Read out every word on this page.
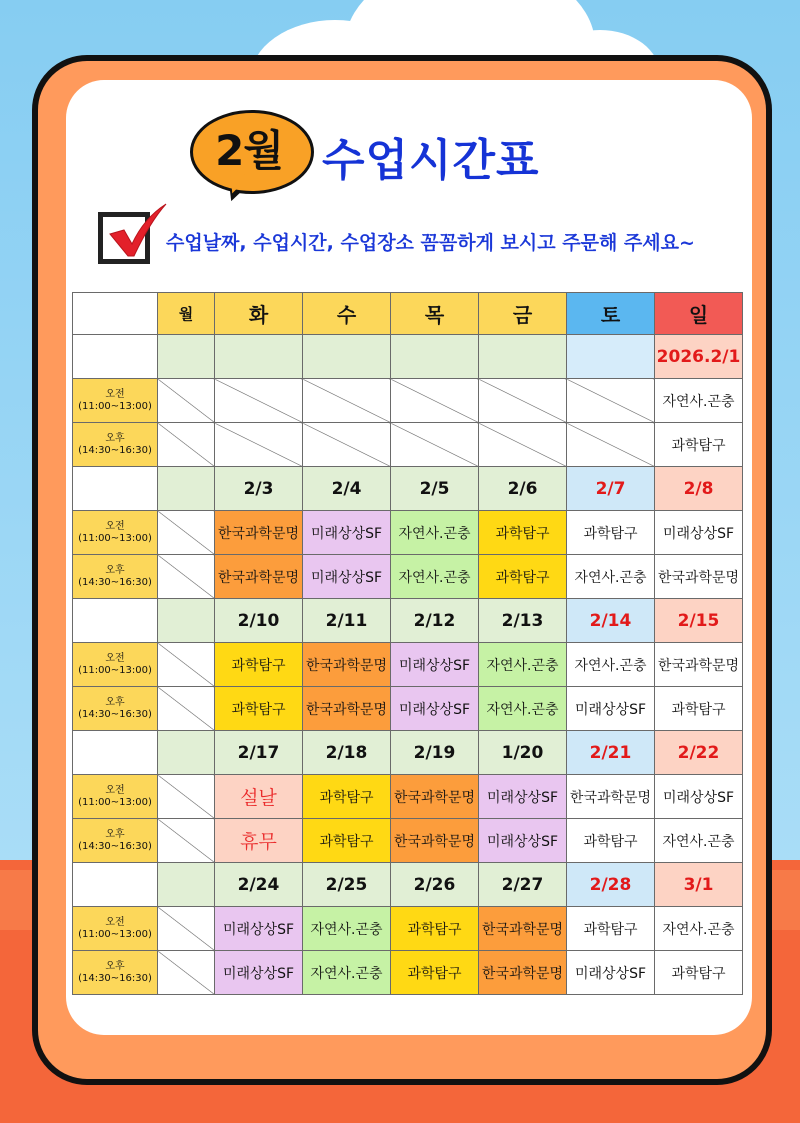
2월 수업시간표
수업날짜, 수업시간, 수업장소 꼼꼼하게 보시고 주문해 주세요~
	월	화	수	목	금	토	일
							2026.2/1

오전
(11:00~13:00)							자연사.곤충

오후
(14:30~16:30)							과학탐구
		2/3	2/4	2/5	2/6	2/7	2/8

오전
(11:00~13:00)		한국과학문명	미래상상SF	자연사.곤충	과학탐구	과학탐구	미래상상SF

오후
(14:30~16:30)		한국과학문명	미래상상SF	자연사.곤충	과학탐구	자연사.곤충	한국과학문명
		2/10	2/11	2/12	2/13	2/14	2/15

오전
(11:00~13:00)		과학탐구	한국과학문명	미래상상SF	자연사.곤충	자연사.곤충	한국과학문명

오후
(14:30~16:30)		과학탐구	한국과학문명	미래상상SF	자연사.곤충	미래상상SF	과학탐구
		2/17	2/18	2/19	1/20	2/21	2/22

오전
(11:00~13:00)		설날	과학탐구	한국과학문명	미래상상SF	한국과학문명	미래상상SF

오후
(14:30~16:30)		휴무	과학탐구	한국과학문명	미래상상SF	과학탐구	자연사.곤충
		2/24	2/25	2/26	2/27	2/28	3/1

오전
(11:00~13:00)		미래상상SF	자연사.곤충	과학탐구	한국과학문명	과학탐구	자연사.곤충

오후
(14:30~16:30)		미래상상SF	자연사.곤충	과학탐구	한국과학문명	미래상상SF	과학탐구
